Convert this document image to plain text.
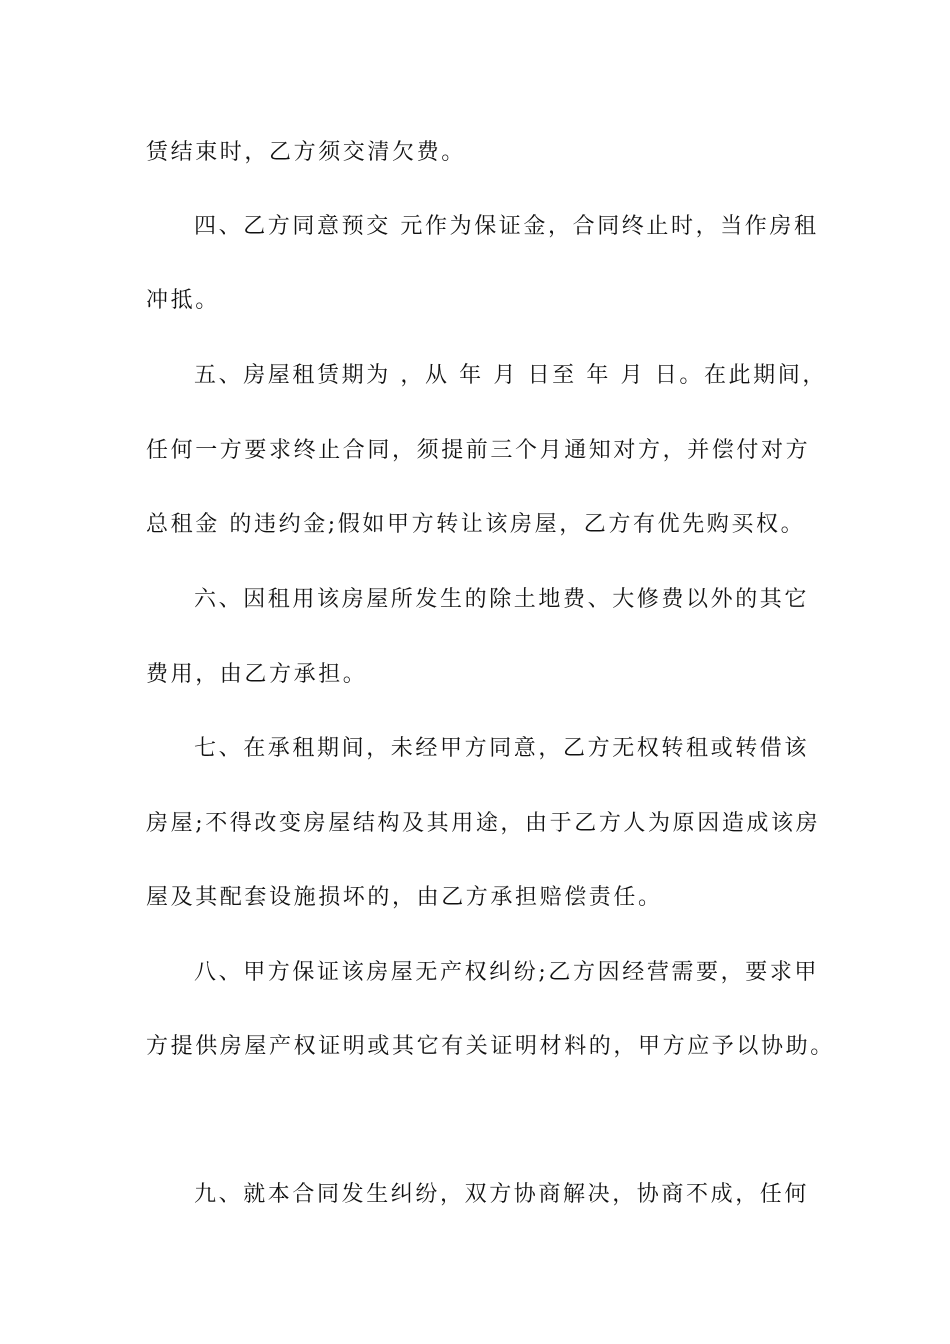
赁结束时，乙方须交清欠费。
四、乙方同意预交 元作为保证金，合同终止时，当作房租
冲抵。
五、房屋租赁期为 ，从 年 月 日至 年 月 日。在此期间，
任何一方要求终止合同，须提前三个月通知对方，并偿付对方
总租金 的违约金;假如甲方转让该房屋，乙方有优先购买权。
六、因租用该房屋所发生的除土地费、大修费以外的其它
费用，由乙方承担。
七、在承租期间，未经甲方同意，乙方无权转租或转借该
房屋;不得改变房屋结构及其用途，由于乙方人为原因造成该房
屋及其配套设施损坏的，由乙方承担赔偿责任。
八、甲方保证该房屋无产权纠纷;乙方因经营需要，要求甲
方提供房屋产权证明或其它有关证明材料的，甲方应予以协助。
九、就本合同发生纠纷，双方协商解决，协商不成，任何
